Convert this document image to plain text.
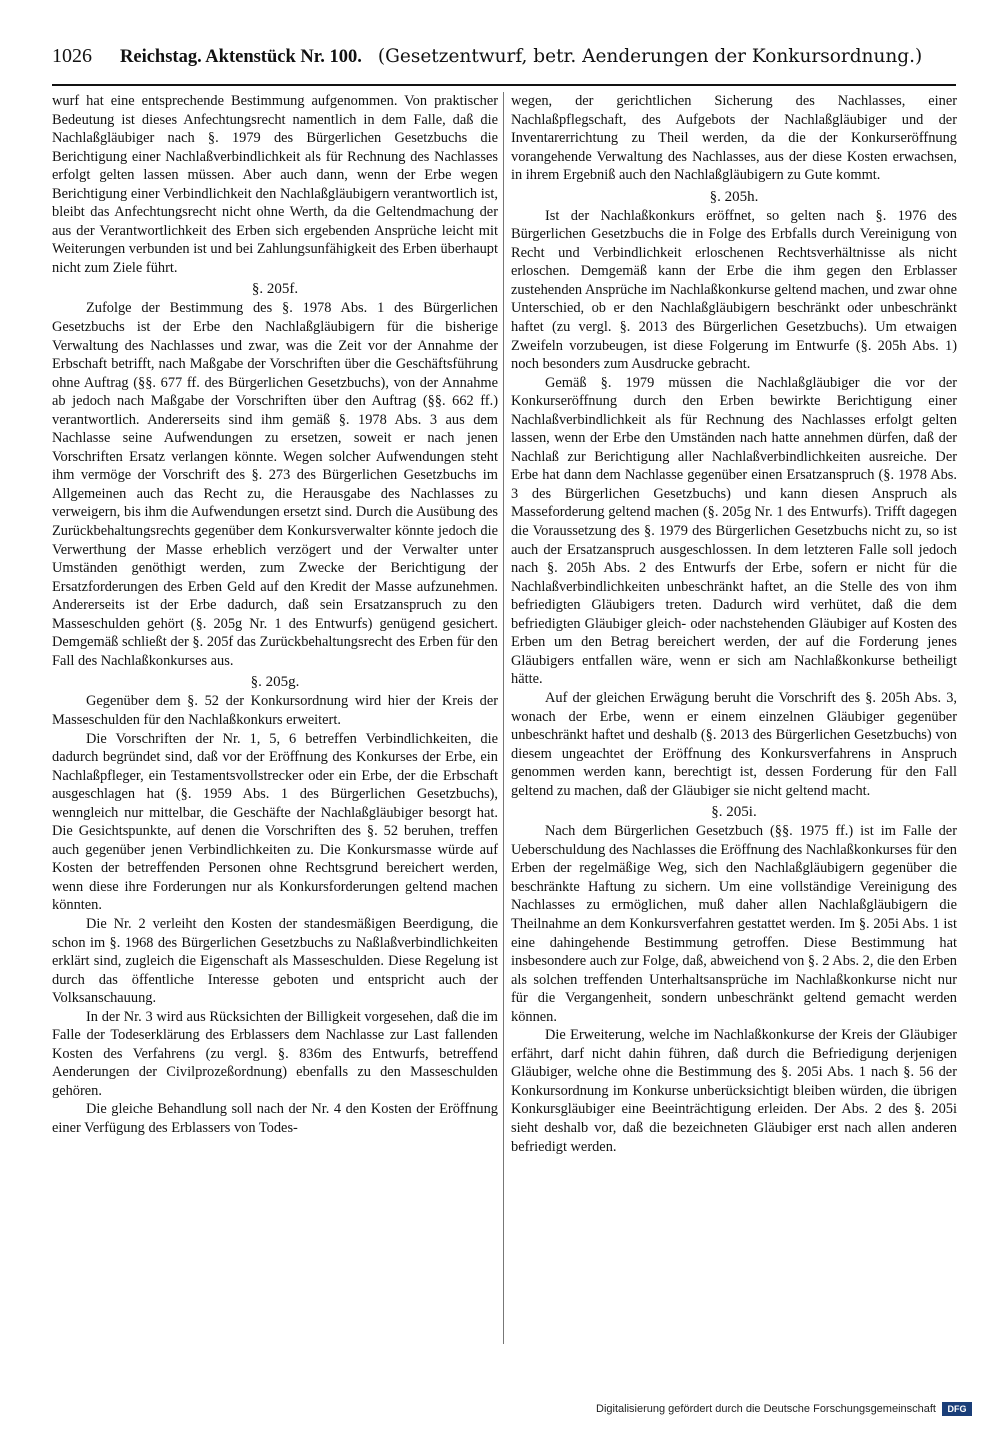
1026 Reichstag. Aktenstück Nr. 100. (Gesetzentwurf, betr. Aenderungen der Konkursordnung.)

wurf hat eine entsprechende Bestimmung aufgenommen. Von praktischer Bedeutung ist dieses Anfechtungsrecht namentlich in dem Falle, daß die Nachlaßgläubiger nach §. 1979 des Bürgerlichen Gesetzbuchs die Berichtigung einer Nachlaßverbindlichkeit als für Rechnung des Nachlasses erfolgt gelten lassen müssen. Aber auch dann, wenn der Erbe wegen Berichtigung einer Verbindlichkeit den Nachlaßgläubigern verantwortlich ist, bleibt das Anfechtungsrecht nicht ohne Werth, da die Geltendmachung der aus der Verantwortlichkeit des Erben sich ergebenden Ansprüche leicht mit Weiterungen verbunden ist und bei Zahlungsunfähigkeit des Erben überhaupt nicht zum Ziele führt.

§. 205f.

Zufolge der Bestimmung des §. 1978 Abs. 1 des Bürgerlichen Gesetzbuchs ist der Erbe den Nachlaßgläubigern für die bisherige Verwaltung des Nachlasses und zwar, was die Zeit vor der Annahme der Erbschaft betrifft, nach Maßgabe der Vorschriften über die Geschäftsführung ohne Auftrag (§§. 677 ff. des Bürgerlichen Gesetzbuchs), von der Annahme ab jedoch nach Maßgabe der Vorschriften über den Auftrag (§§. 662 ff.) verantwortlich. Andererseits sind ihm gemäß §. 1978 Abs. 3 aus dem Nachlasse seine Aufwendungen zu ersetzen, soweit er nach jenen Vorschriften Ersatz verlangen könnte. Wegen solcher Aufwendungen steht ihm vermöge der Vorschrift des §. 273 des Bürgerlichen Gesetzbuchs im Allgemeinen auch das Recht zu, die Herausgabe des Nachlasses zu verweigern, bis ihm die Aufwendungen ersetzt sind. Durch die Ausübung des Zurückbehaltungsrechts gegenüber dem Konkursverwalter könnte jedoch die Verwerthung der Masse erheblich verzögert und der Verwalter unter Umständen genöthigt werden, zum Zwecke der Berichtigung der Ersatzforderungen des Erben Geld auf den Kredit der Masse aufzunehmen. Andererseits ist der Erbe dadurch, daß sein Ersatzanspruch zu den Masseschulden gehört (§. 205g Nr. 1 des Entwurfs) genügend gesichert. Demgemäß schließt der §. 205f das Zurückbehaltungsrecht des Erben für den Fall des Nachlaßkonkurses aus.

§. 205g.

Gegenüber dem §. 52 der Konkursordnung wird hier der Kreis der Masseschulden für den Nachlaßkonkurs erweitert.

Die Vorschriften der Nr. 1, 5, 6 betreffen Verbindlichkeiten, die dadurch begründet sind, daß vor der Eröffnung des Konkurses der Erbe, ein Nachlaßpfleger, ein Testamentsvollstrecker oder ein Erbe, der die Erbschaft ausgeschlagen hat (§. 1959 Abs. 1 des Bürgerlichen Gesetzbuchs), wenngleich nur mittelbar, die Geschäfte der Nachlaßgläubiger besorgt hat. Die Gesichtspunkte, auf denen die Vorschriften des §. 52 beruhen, treffen auch gegenüber jenen Verbindlichkeiten zu. Die Konkursmasse würde auf Kosten der betreffenden Personen ohne Rechtsgrund bereichert werden, wenn diese ihre Forderungen nur als Konkursforderungen geltend machen könnten.

Die Nr. 2 verleiht den Kosten der standesmäßigen Beerdigung, die schon im §. 1968 des Bürgerlichen Gesetzbuchs zu Naßlaßverbindlichkeiten erklärt sind, zugleich die Eigenschaft als Masseschulden. Diese Regelung ist durch das öffentliche Interesse geboten und entspricht auch der Volksanschauung.

In der Nr. 3 wird aus Rücksichten der Billigkeit vorgesehen, daß die im Falle der Todeserklärung des Erblassers dem Nachlasse zur Last fallenden Kosten des Verfahrens (zu vergl. §. 836m des Entwurfs, betreffend Aenderungen der Civilprozeßordnung) ebenfalls zu den Masseschulden gehören.

Die gleiche Behandlung soll nach der Nr. 4 den Kosten der Eröffnung einer Verfügung des Erblassers von Todes-

wegen, der gerichtlichen Sicherung des Nachlasses, einer Nachlaßpflegschaft, des Aufgebots der Nachlaßgläubiger und der Inventarerrichtung zu Theil werden, da die der Konkurseröffnung vorangehende Verwaltung des Nachlasses, aus der diese Kosten erwachsen, in ihrem Ergebniß auch den Nachlaßgläubigern zu Gute kommt.

§. 205h.

Ist der Nachlaßkonkurs eröffnet, so gelten nach §. 1976 des Bürgerlichen Gesetzbuchs die in Folge des Erbfalls durch Vereinigung von Recht und Verbindlichkeit erloschenen Rechtsverhältnisse als nicht erloschen. Demgemäß kann der Erbe die ihm gegen den Erblasser zustehenden Ansprüche im Nachlaßkonkurse geltend machen, und zwar ohne Unterschied, ob er den Nachlaßgläubigern beschränkt oder unbeschränkt haftet (zu vergl. §. 2013 des Bürgerlichen Gesetzbuchs). Um etwaigen Zweifeln vorzubeugen, ist diese Folgerung im Entwurfe (§. 205h Abs. 1) noch besonders zum Ausdrucke gebracht.

Gemäß §. 1979 müssen die Nachlaßgläubiger die vor der Konkurseröffnung durch den Erben bewirkte Berichtigung einer Nachlaßverbindlichkeit als für Rechnung des Nachlasses erfolgt gelten lassen, wenn der Erbe den Umständen nach hatte annehmen dürfen, daß der Nachlaß zur Berichtigung aller Nachlaßverbindlichkeiten ausreiche. Der Erbe hat dann dem Nachlasse gegenüber einen Ersatzanspruch (§. 1978 Abs. 3 des Bürgerlichen Gesetzbuchs) und kann diesen Anspruch als Masseforderung geltend machen (§. 205g Nr. 1 des Entwurfs). Trifft dagegen die Voraussetzung des §. 1979 des Bürgerlichen Gesetzbuchs nicht zu, so ist auch der Ersatzanspruch ausgeschlossen. In dem letzteren Falle soll jedoch nach §. 205h Abs. 2 des Entwurfs der Erbe, sofern er nicht für die Nachlaßverbindlichkeiten unbeschränkt haftet, an die Stelle des von ihm befriedigten Gläubigers treten. Dadurch wird verhütet, daß die dem befriedigten Gläubiger gleich- oder nachstehenden Gläubiger auf Kosten des Erben um den Betrag bereichert werden, der auf die Forderung jenes Gläubigers entfallen wäre, wenn er sich am Nachlaßkonkurse betheiligt hätte.

Auf der gleichen Erwägung beruht die Vorschrift des §. 205h Abs. 3, wonach der Erbe, wenn er einem einzelnen Gläubiger gegenüber unbeschränkt haftet und deshalb (§. 2013 des Bürgerlichen Gesetzbuchs) von diesem ungeachtet der Eröffnung des Konkursverfahrens in Anspruch genommen werden kann, berechtigt ist, dessen Forderung für den Fall geltend zu machen, daß der Gläubiger sie nicht geltend macht.

§. 205i.

Nach dem Bürgerlichen Gesetzbuch (§§. 1975 ff.) ist im Falle der Ueberschuldung des Nachlasses die Eröffnung des Nachlaßkonkurses für den Erben der regelmäßige Weg, sich den Nachlaßgläubigern gegenüber die beschränkte Haftung zu sichern. Um eine vollständige Vereinigung des Nachlasses zu ermöglichen, muß daher allen Nachlaßgläubigern die Theilnahme an dem Konkursverfahren gestattet werden. Im §. 205i Abs. 1 ist eine dahingehende Bestimmung getroffen. Diese Bestimmung hat insbesondere auch zur Folge, daß, abweichend von §. 2 Abs. 2, die den Erben als solchen treffenden Unterhaltsansprüche im Nachlaßkonkurse nicht nur für die Vergangenheit, sondern unbeschränkt geltend gemacht werden können.

Die Erweiterung, welche im Nachlaßkonkurse der Kreis der Gläubiger erfährt, darf nicht dahin führen, daß durch die Befriedigung derjenigen Gläubiger, welche ohne die Bestimmung des §. 205i Abs. 1 nach §. 56 der Konkursordnung im Konkurse unberücksichtigt bleiben würden, die übrigen Konkursgläubiger eine Beeinträchtigung erleiden. Der Abs. 2 des §. 205i sieht deshalb vor, daß die bezeichneten Gläubiger erst nach allen anderen befriedigt werden.

Digitalisierung gefördert durch die Deutsche Forschungsgemeinschaft	DFG
